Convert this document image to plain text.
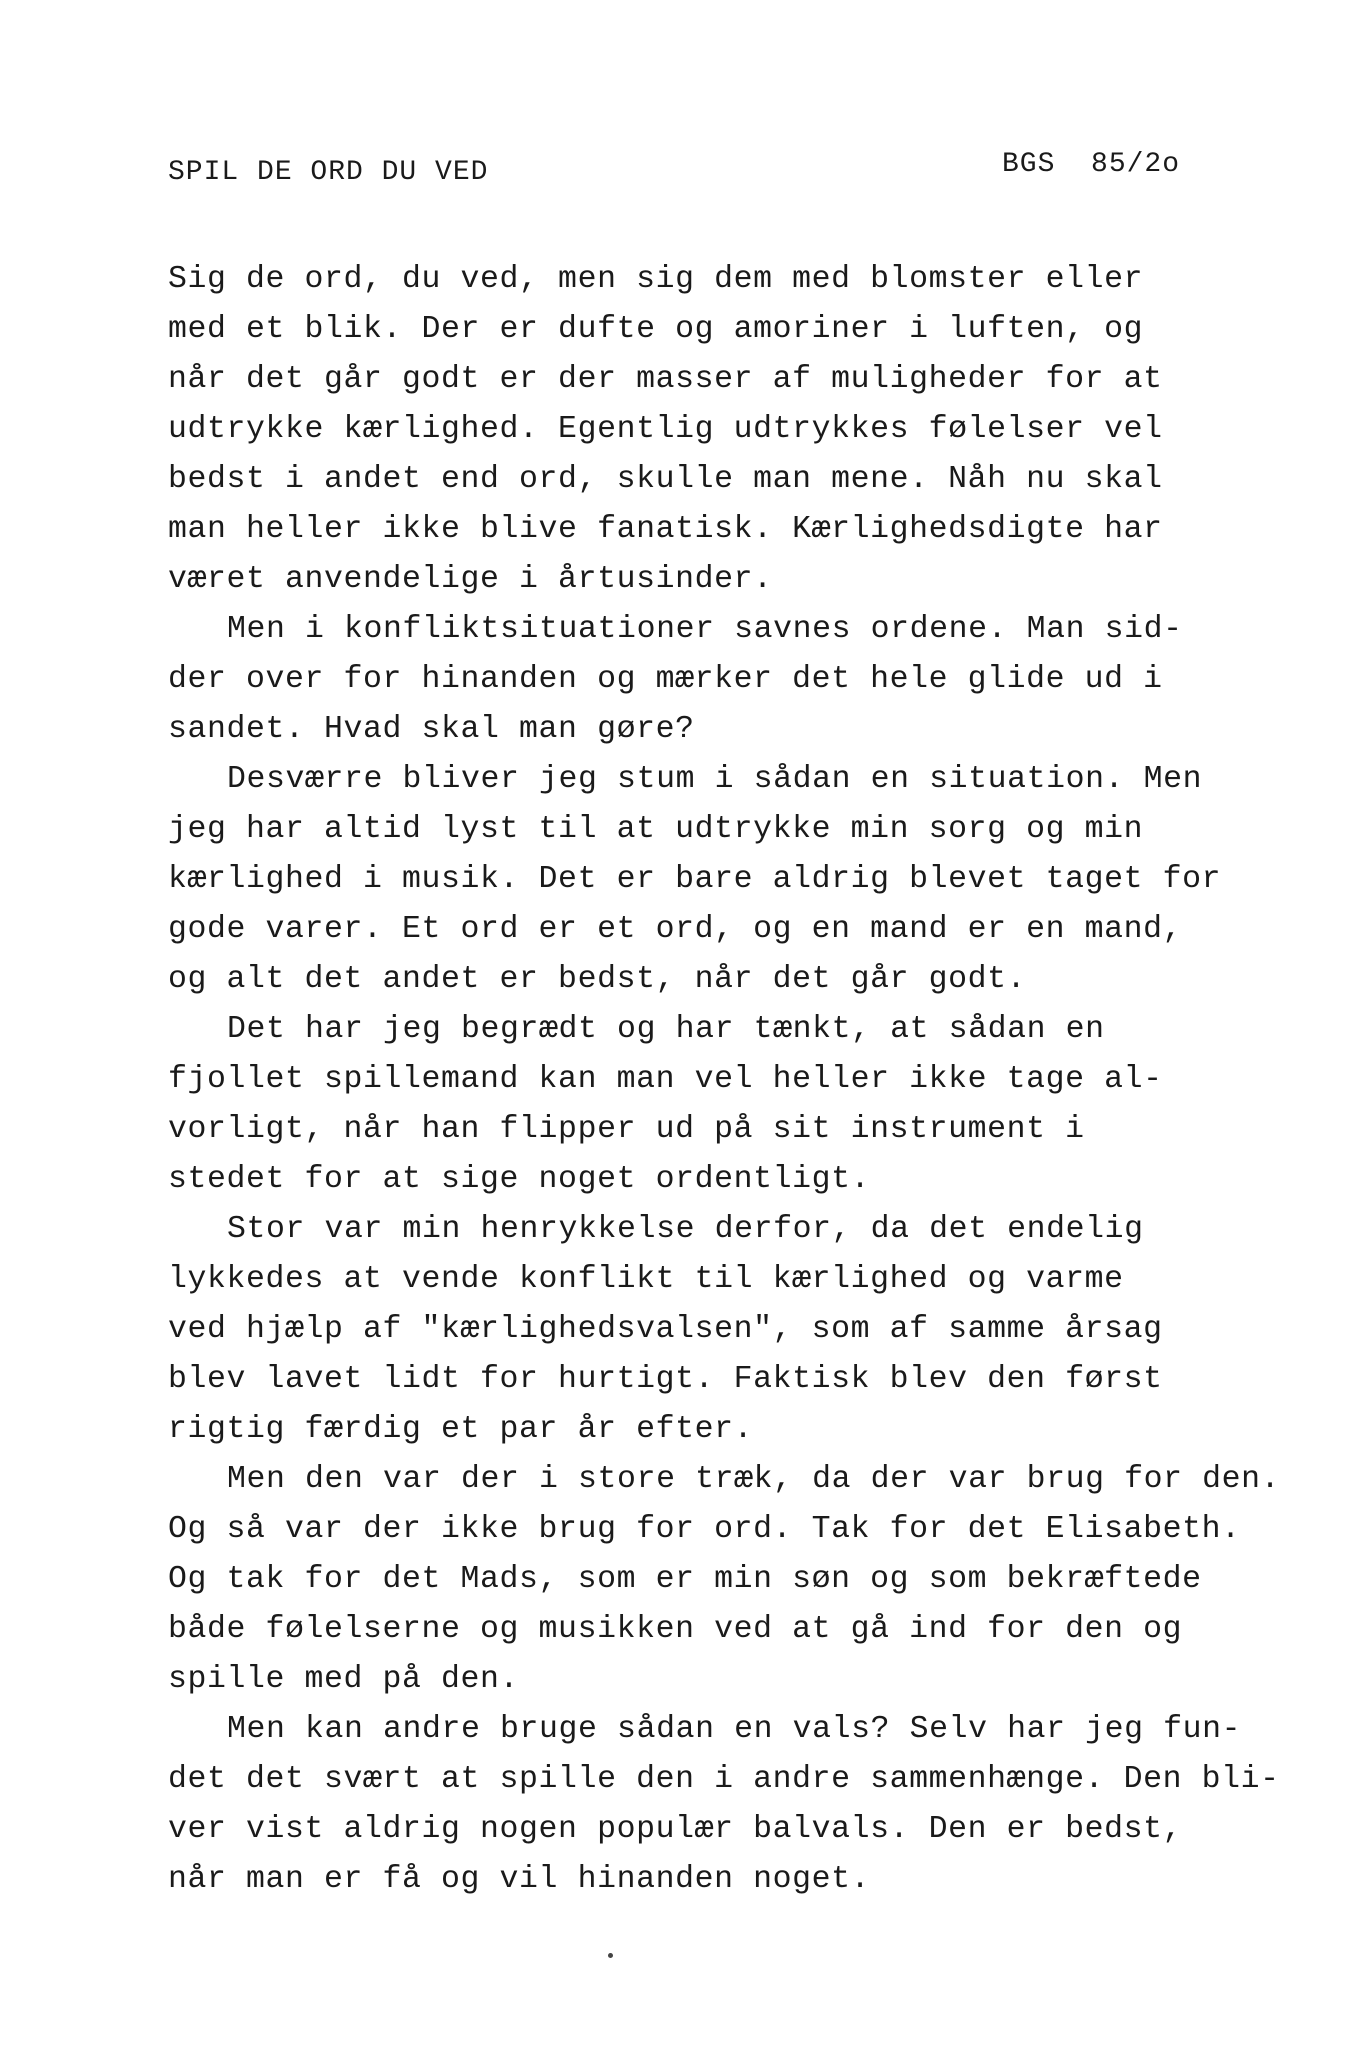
SPIL DE ORD DU VED	BGS  85/2o
Sig de ord, du ved, men sig dem med blomster eller
med et blik. Der er dufte og amoriner i luften, og
når det går godt er der masser af muligheder for at
udtrykke kærlighed. Egentlig udtrykkes følelser vel
bedst i andet end ord, skulle man mene. Nåh nu skal
man heller ikke blive fanatisk. Kærlighedsdigte har
været anvendelige i årtusinder.
Men i konfliktsituationer savnes ordene. Man sid-
der over for hinanden og mærker det hele glide ud i
sandet. Hvad skal man gøre?
Desværre bliver jeg stum i sådan en situation. Men
jeg har altid lyst til at udtrykke min sorg og min
kærlighed i musik. Det er bare aldrig blevet taget for
gode varer. Et ord er et ord, og en mand er en mand,
og alt det andet er bedst, når det går godt.
Det har jeg begrædt og har tænkt, at sådan en
fjollet spillemand kan man vel heller ikke tage al-
vorligt, når han flipper ud på sit instrument i
stedet for at sige noget ordentligt.
Stor var min henrykkelse derfor, da det endelig
lykkedes at vende konflikt til kærlighed og varme
ved hjælp af "kærlighedsvalsen", som af samme årsag
blev lavet lidt for hurtigt. Faktisk blev den først
rigtig færdig et par år efter.
Men den var der i store træk, da der var brug for den.
Og så var der ikke brug for ord. Tak for det Elisabeth.
Og tak for det Mads, som er min søn og som bekræftede
både følelserne og musikken ved at gå ind for den og
spille med på den.
Men kan andre bruge sådan en vals? Selv har jeg fun-
det det svært at spille den i andre sammenhænge. Den bli-
ver vist aldrig nogen populær balvals. Den er bedst,
når man er få og vil hinanden noget.
